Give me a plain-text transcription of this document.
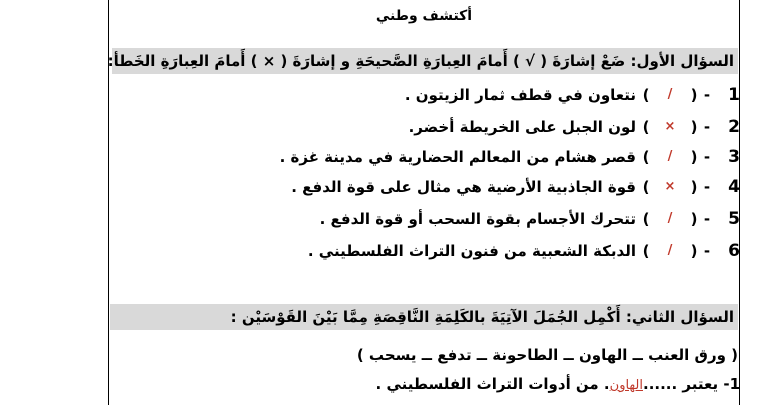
أكتشف وطني
السؤال الأول: ضَعْ إشارَةَ ( √ ) أَمامَ العِبارَةِ الصَّحيحَةِ و إشارَةَ ( × ) أَمامَ العِبارَةِ الخَطأ:
1
-
(
/
)
نتعاون في قطف ثمار الزيتون .
2
-
(
×
)
لون الجبل على الخريطة أخضر.
3
-
(
/
)
قصر هشام من المعالم الحضارية في مدينة غزة .
4
-
(
×
)
قوة الجاذبية الأرضية هي مثال على قوة الدفع .
5
-
(
/
)
تتحرك الأجسام بقوة السحب أو قوة الدفع .
6
-
(
/
)
الدبكة الشعبية من فنون التراث الفلسطيني .
السؤال الثاني: أَكْمِل الجُمَلَ الآتِيَةَ بالكَلِمَةِ النَّاقِصَةِ مِمَّا بَيْنَ القَوْسَيْن :
( ورق العنب ــ الهاون ــ الطاحونة ــ تدفع ــ يسحب )
1- يعتبر ......الهاون. من أدوات التراث الفلسطيني .
